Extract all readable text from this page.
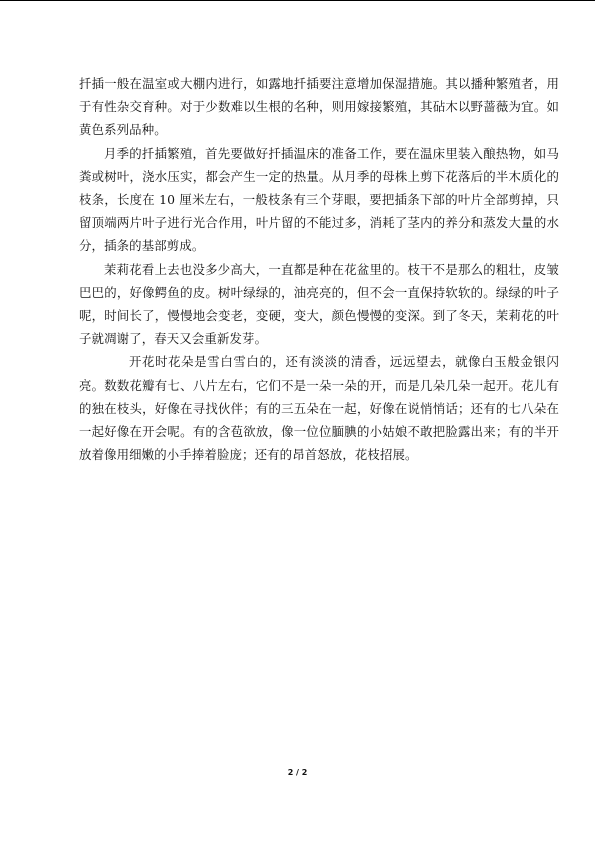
扦插一般在温室或大棚内进行，如露地扦插要注意增加保湿措施。其以播种繁殖者，用于有性杂交育种。对于少数难以生根的名种，则用嫁接繁殖，其砧木以野蔷薇为宜。如黄色系列品种。

月季的扦插繁殖，首先要做好扦插温床的准备工作，要在温床里装入酿热物，如马粪或树叶，浇水压实，都会产生一定的热量。从月季的母株上剪下花落后的半木质化的枝条，长度在 10 厘米左右，一般枝条有三个芽眼，要把插条下部的叶片全部剪掉，只留顶端两片叶子进行光合作用，叶片留的不能过多，消耗了茎内的养分和蒸发大量的水分，插条的基部剪成。

茉莉花看上去也没多少高大，一直都是种在花盆里的。枝干不是那么的粗壮，皮皱巴巴的，好像鳄鱼的皮。树叶绿绿的，油亮亮的，但不会一直保持软软的。绿绿的叶子呢，时间长了，慢慢地会变老，变硬，变大，颜色慢慢的变深。到了冬天，茉莉花的叶子就凋谢了，春天又会重新发芽。

开花时花朵是雪白雪白的，还有淡淡的清香，远远望去，就像白玉般金银闪亮。数数花瓣有七、八片左右，它们不是一朵一朵的开，而是几朵几朵一起开。花儿有的独在枝头，好像在寻找伙伴；有的三五朵在一起，好像在说悄悄话；还有的七八朵在一起好像在开会呢。有的含苞欲放，像一位位腼腆的小姑娘不敢把脸露出来；有的半开放着像用细嫩的小手捧着脸庞；还有的昂首怒放，花枝招展。

2 / 2
